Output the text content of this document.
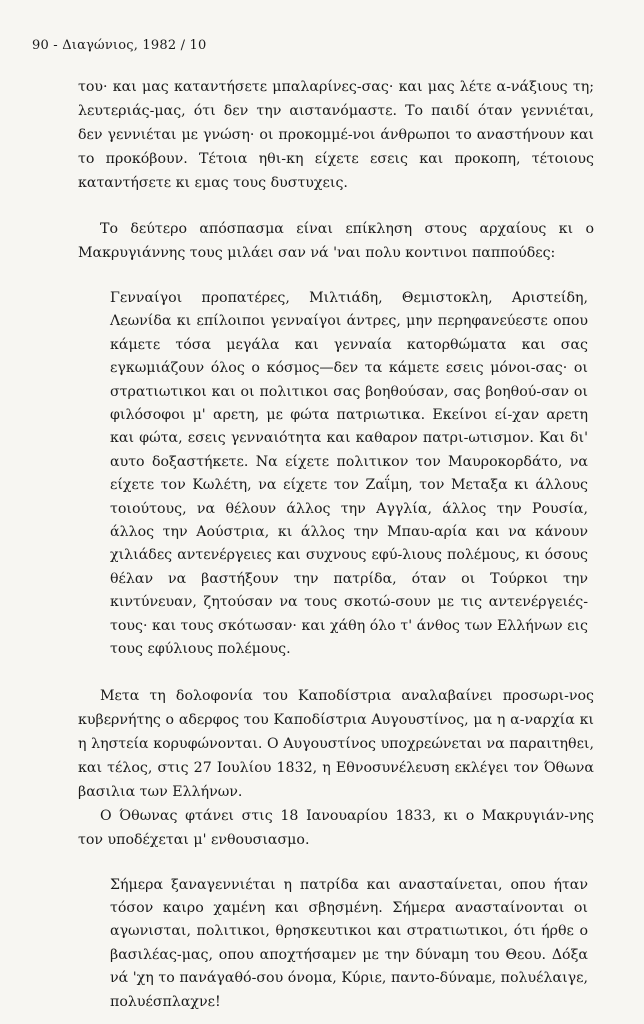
90 - Διαγώνιος, 1982 / 10

του· και μας καταντήσετε μπαλαρίνες-σας· και μας λέτε α-νάξιους τη; λευτεριάς-μας, ότι δεν την αιστανóμαστε. Το παιδί όταν γεννιέται, δεν γεννιέται με γνώση· οι προκομμέ-νοι άνθρωποι το αναστήνουν και το προκόβουν. Τέτοια ηθι-κη είχετε εσεις και προκοπη, τέτοιους καταντήσετε κι εμας τους δυστυχεις.

Το δεύτερο απόσπασμα είναι επίκληση στους αρχαίους κι ο Μακρυγιάννης τους μιλάει σαν νά 'ναι πολυ κοντινοι παππούδες:

Γενναίγοι προπατέρες, Μιλτιάδη, Θεμιστοκλη, Αριστείδη, Λεωνίδα κι επίλοιποι γενναίγοι άντρες, μην περηφανεύεστε οπου κάμετε τόσα μεγάλα και γενναία κατορθώματα και σας εγκωμιάζουν όλος ο κόσμος—δεν τα κάμετε εσεις μόνοι-σας· οι στρατιωτικοι και οι πολιτικοι σας βοηθούσαν, σας βοηθού-σαν οι φιλόσοφοι μ' αρετη, με φώτα πατριωτικα. Εκείνοι εί-χαν αρετη και φώτα, εσεις γενναιότητα και καθαρον πατρι-ωτισμον. Και δι' αυτο δοξαστήκετε. Να είχετε πολιτικον τον Μαυροκορδάτο, να είχετε τον Κωλέτη, να είχετε τον Ζαΐμη, τον Μεταξα κι άλλους τοιούτους, να θέλουν άλλος την Αγγλία, άλλος την Ρουσία, άλλος την Αούστρια, κι άλλος την Μπαυ-αρία και να κάνουν χιλιάδες αντενέργειες και συχνους εφύ-λιους πολέμους, κι όσους θέλαν να βαστήξουν την πατρίδα, όταν οι Τούρκοι την κιντύνευαν, ζητούσαν να τους σκοτώ-σουν με τις αντενέργειές-τους· και τους σκότωσαν· και χάθη όλο τ' άνθος των Ελλήνων εις τους εφύλιους πολέμους.

Μετα τη δολοφονία του Καποδίστρια αναλαβαίνει προσωρι-νος κυβερνήτης ο αδερφος του Καποδίστρια Αυγουστίνος, μα η α-ναρχία κι η ληστεία κορυφώνονται. Ο Αυγουστίνος υποχρεώνεται να παραιτηθει, και τέλος, στις 27 Ιουλίου 1832, η Εθνοσυνέλευση εκλέγει τον Όθωνα βασιλια των Ελλήνων.

Ο Όθωνας φτάνει στις 18 Ιανουαρίου 1833, κι ο Μακρυγιάν-νης τον υποδέχεται μ' ενθουσιασμο.

Σήμερα ξαναγεννιέται η πατρίδα και ανασταίνεται, οπου ήταν τόσον καιρο χαμένη και σβησμένη. Σήμερα ανασταίνονται οι αγωνισται, πολιτικοι, θρησκευτικοι και στρατιωτικοι, ότι ήρθε ο βασιλέας-μας, οπου αποχτήσαμεν με την δύναμη του Θεου. Δόξα νά 'χη το πανάγαθό-σου όνομα, Κύριε, παντο-δύναμε, πολυέλαιγε, πολυέσπλαχνε!
